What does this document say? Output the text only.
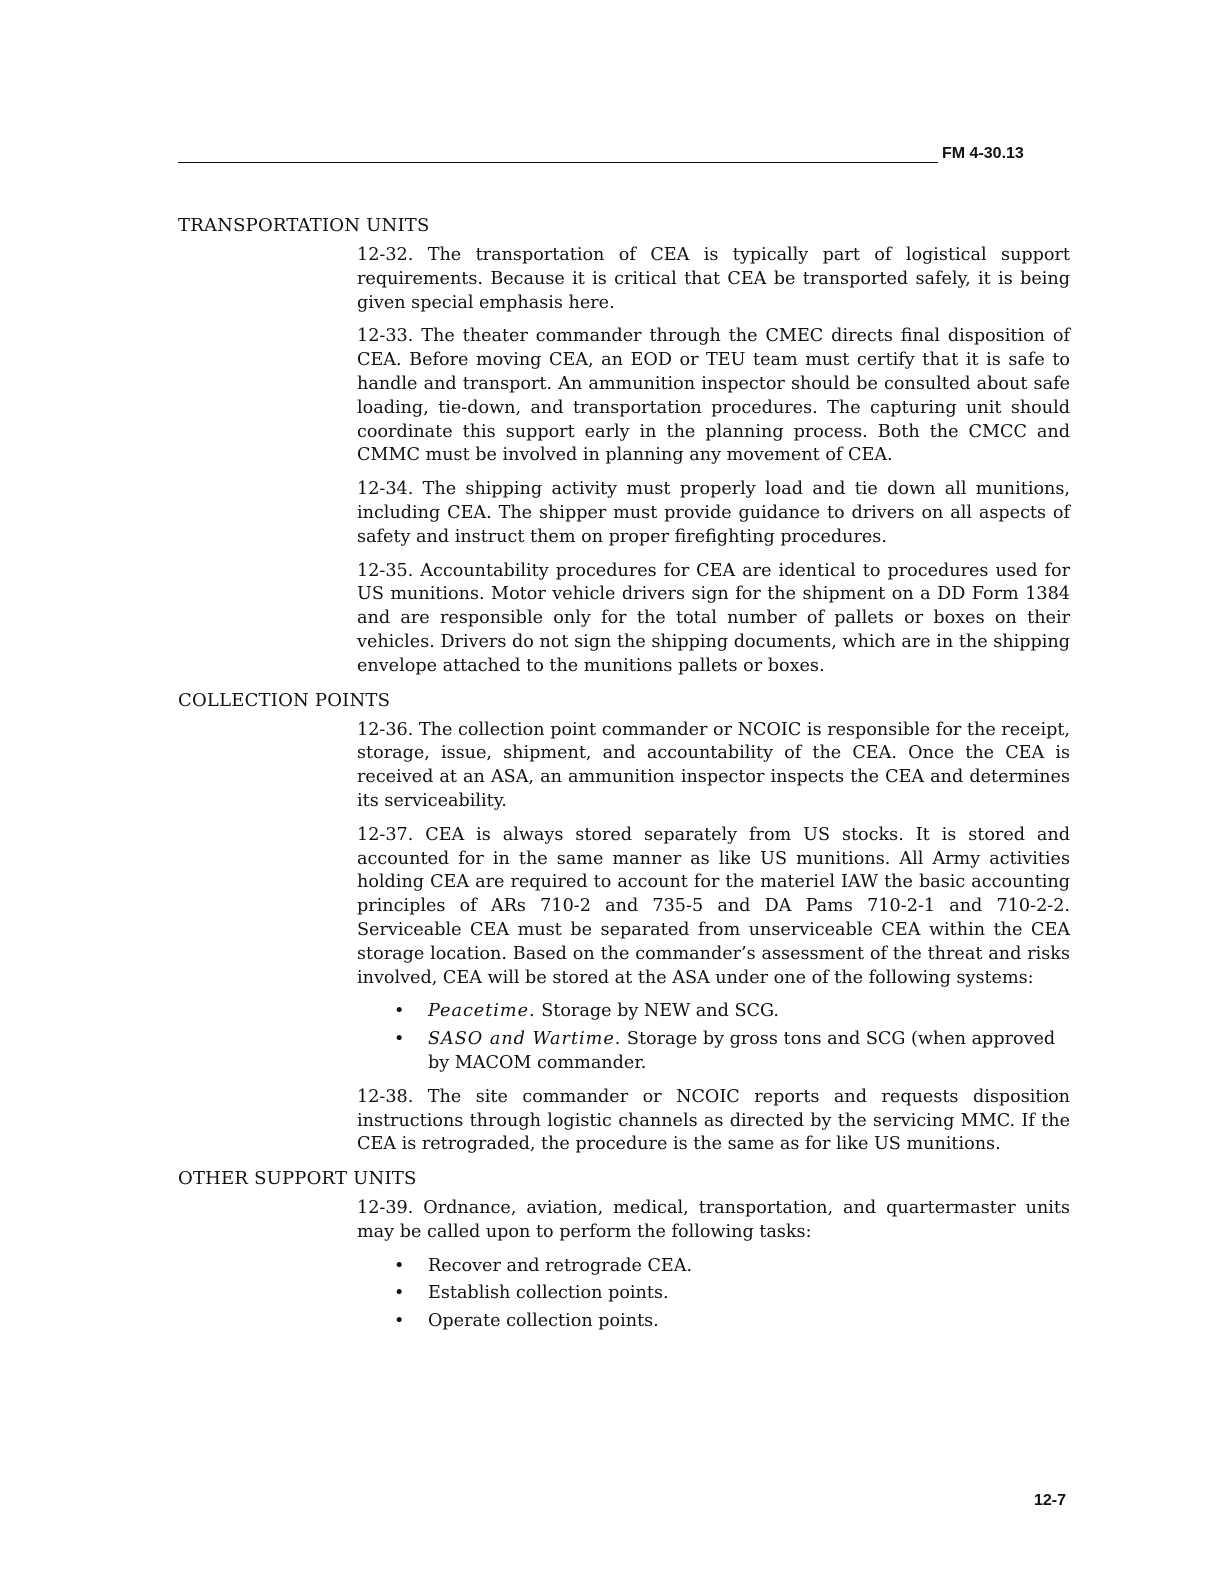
FM 4-30.13
TRANSPORTATION UNITS

12-32. The transportation of CEA is typically part of logistical support requirements. Because it is critical that CEA be transported safely, it is being given special emphasis here.

12-33. The theater commander through the CMEC directs final disposition of CEA. Before moving CEA, an EOD or TEU team must certify that it is safe to handle and transport. An ammunition inspector should be consulted about safe loading, tie-down, and transportation procedures. The capturing unit should coordinate this support early in the planning process. Both the CMCC and CMMC must be involved in planning any movement of CEA.

12-34. The shipping activity must properly load and tie down all munitions, including CEA. The shipper must provide guidance to drivers on all aspects of safety and instruct them on proper firefighting procedures.

12-35. Accountability procedures for CEA are identical to procedures used for US munitions. Motor vehicle drivers sign for the shipment on a DD Form 1384 and are responsible only for the total number of pallets or boxes on their vehicles. Drivers do not sign the shipping documents, which are in the shipping envelope attached to the munitions pallets or boxes.

COLLECTION POINTS

12-36. The collection point commander or NCOIC is responsible for the receipt, storage, issue, shipment, and accountability of the CEA. Once the CEA is received at an ASA, an ammunition inspector inspects the CEA and determines its serviceability.

12-37. CEA is always stored separately from US stocks. It is stored and accounted for in the same manner as like US munitions. All Army activities holding CEA are required to account for the materiel IAW the basic accounting principles of ARs 710-2 and 735-5 and DA Pams 710-2-1 and 710-2-2. Serviceable CEA must be separated from unserviceable CEA within the CEA storage location. Based on the commander’s assessment of the threat and risks involved, CEA will be stored at the ASA under one of the following systems:

• Peacetime. Storage by NEW and SCG.
• SASO and Wartime. Storage by gross tons and SCG (when approved by MACOM commander.

12-38. The site commander or NCOIC reports and requests disposition instructions through logistic channels as directed by the servicing MMC. If the CEA is retrograded, the procedure is the same as for like US munitions.

OTHER SUPPORT UNITS

12-39. Ordnance, aviation, medical, transportation, and quartermaster units may be called upon to perform the following tasks:

• Recover and retrograde CEA.
• Establish collection points.
• Operate collection points.
12-7
